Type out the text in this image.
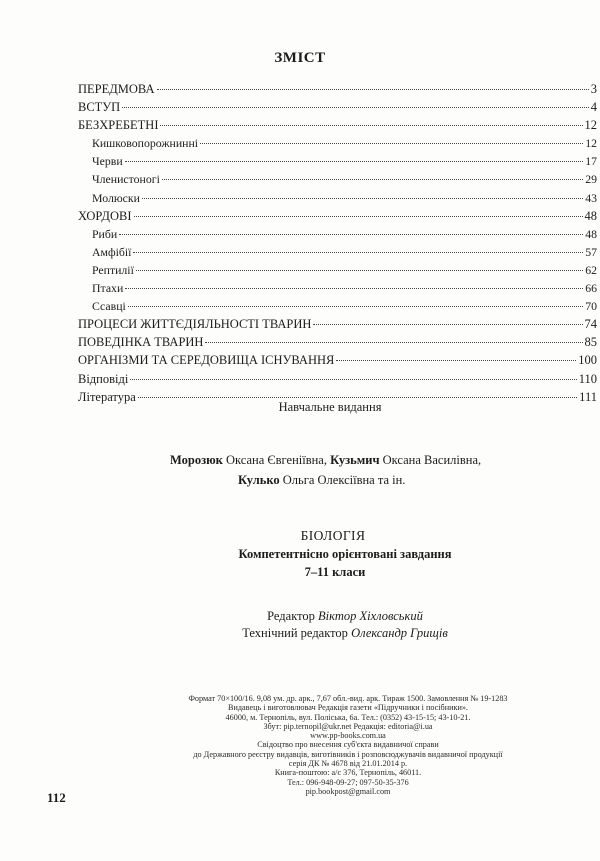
ЗМІСТ
ПЕРЕДМОВА	3
ВСТУП	4
БЕЗХРЕБЕТНІ	12
Кишковопорожнинні	12
Черви	17
Членистоногі	29
Молюски	43
ХОРДОВІ	48
Риби	48
Амфібії	57
Рептилії	62
Птахи	66
Ссавці	70
ПРОЦЕСИ ЖИТТЄДІЯЛЬНОСТІ ТВАРИН	74
ПОВЕДІНКА ТВАРИН	85
ОРГАНІЗМИ ТА СЕРЕДОВИЩА ІСНУВАННЯ	100
Відповіді	110
Література	111
Навчальне видання
Морозюк Оксана Євгеніївна, Кузьмич Оксана Василівна,
Кулько Ольга Олексіївна та ін.
БІОЛОГІЯ
Компетентнісно орієнтовані завдання
7–11 класи
Редактор Віктор Хіхловський
Технічний редактор Олександр Грищів
Формат 70×100/16. 9,08 ум. др. арк., 7,67 обл.-вид. арк. Тираж 1500. Замовлення № 19-1283
Видавець і виготовлювач Редакція газети «Підручники і посібники».
46000, м. Тернопіль, вул. Поліська, 6а. Тел.: (0352) 43-15-15; 43-10-21.
Збут: pip.ternopil@ukr.net Редакція: editoria@i.ua
www.pp-books.com.ua
Свідоцтво про внесення суб'єкта видавничої справи
до Державного реєстру видавців, виготівників і розповсюджувачів видавничої продукції
серія ДК № 4678 від 21.01.2014 р.
Книга-поштою: а/с 376, Тернопіль, 46011.
Тел.: 096-948-09-27; 097-50-35-376
pip.bookpost@gmail.com
112
